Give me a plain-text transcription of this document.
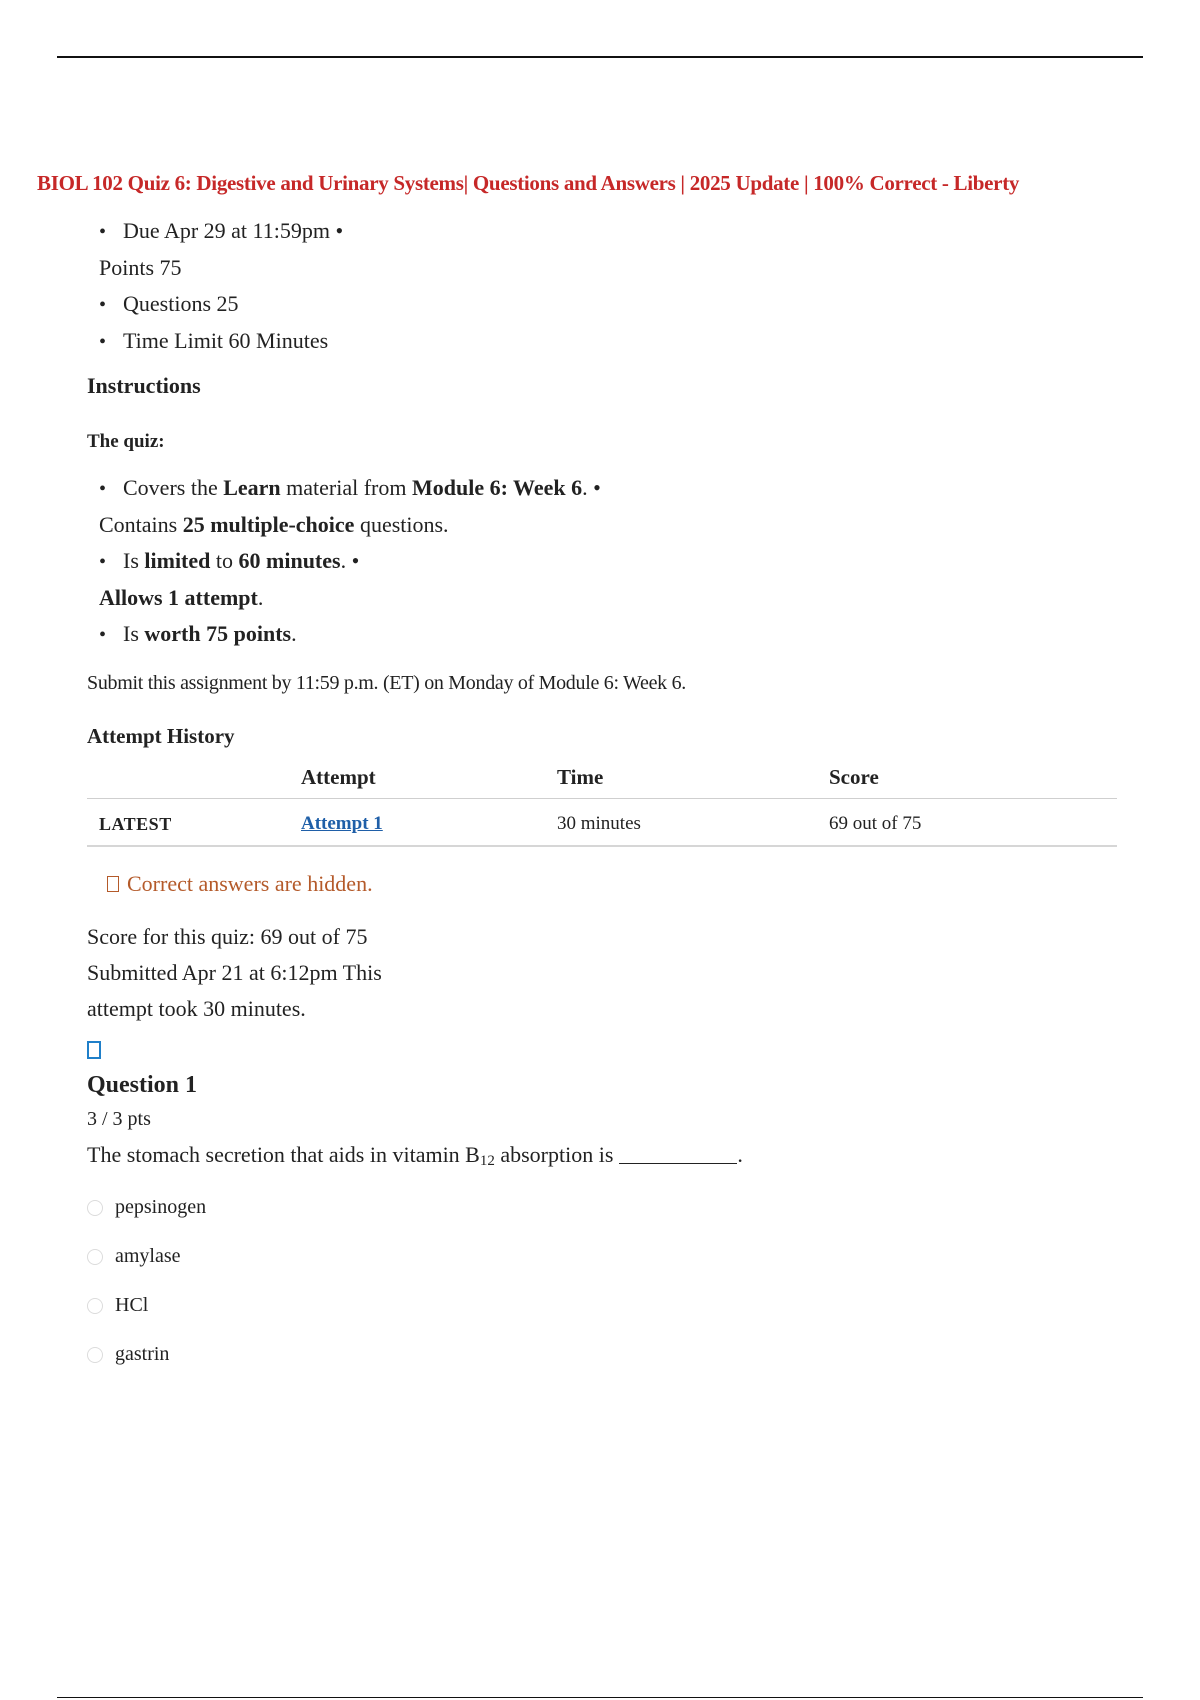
BIOL 102 Quiz 6: Digestive and Urinary Systems| Questions and Answers | 2025 Update | 100% Correct - Liberty

• Due Apr 29 at 11:59pm •

Points 75

• Questions 25

• Time Limit 60 Minutes

Instructions
The quiz:

• Covers the Learn material from Module 6: Week 6. •

Contains 25 multiple-choice questions.

• Is limited to 60 minutes. •

Allows 1 attempt.

• Is worth 75 points.

Submit this assignment by 11:59 p.m. (ET) on Monday of Module 6: Week 6.

Attempt History
	Attempt	Time	Score
LATEST	Attempt 1	30 minutes	69 out of 75
Correct answers are hidden.
Score for this quiz: 69 out of 75
Submitted Apr 21 at 6:12pm This
attempt took 30 minutes.
Question 1

3 / 3 pts

The stomach secretion that aids in vitamin $B_{12}$ absorption is	.

pepsinogen
amylase
HCl
gastrin
